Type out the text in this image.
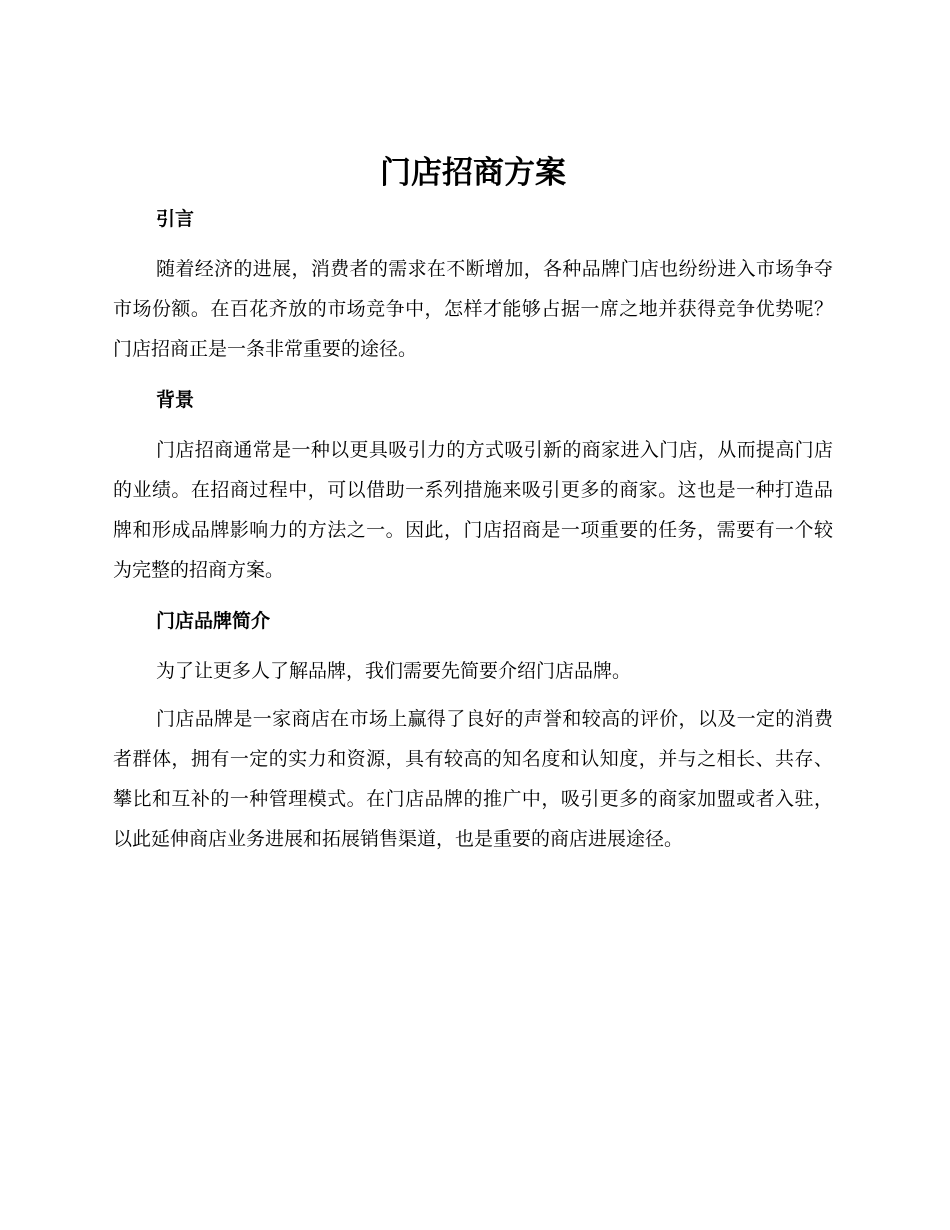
门店招商方案
引言

随着经济的进展，消费者的需求在不断增加，各种品牌门店也纷纷进入市场争夺市场份额。在百花齐放的市场竞争中，怎样才能够占据一席之地并获得竞争优势呢？门店招商正是一条非常重要的途径。

背景

门店招商通常是一种以更具吸引力的方式吸引新的商家进入门店，从而提高门店的业绩。在招商过程中，可以借助一系列措施来吸引更多的商家。这也是一种打造品牌和形成品牌影响力的方法之一。因此，门店招商是一项重要的任务，需要有一个较为完整的招商方案。

门店品牌简介

为了让更多人了解品牌，我们需要先简要介绍门店品牌。

门店品牌是一家商店在市场上赢得了良好的声誉和较高的评价，以及一定的消费者群体，拥有一定的实力和资源，具有较高的知名度和认知度，并与之相长、共存、攀比和互补的一种管理模式。在门店品牌的推广中，吸引更多的商家加盟或者入驻，以此延伸商店业务进展和拓展销售渠道，也是重要的商店进展途径。
